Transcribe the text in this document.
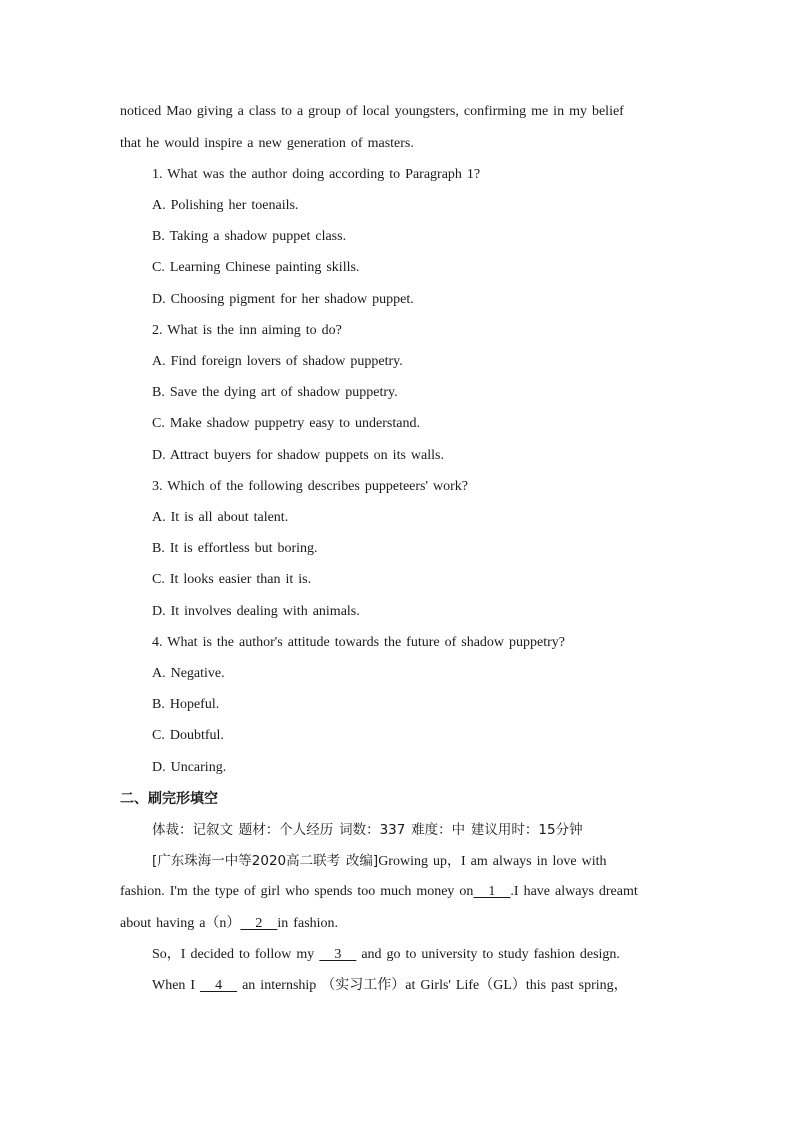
noticed Mao giving a class to a group of local youngsters, confirming me in my belief
that he would inspire a new generation of masters.
1. What was the author doing according to Paragraph 1?
A. Polishing her toenails.
B. Taking a shadow puppet class.
C. Learning Chinese painting skills.
D. Choosing pigment for her shadow puppet.
2. What is the inn aiming to do?
A. Find foreign lovers of shadow puppetry.
B. Save the dying art of shadow puppetry.
C. Make shadow puppetry easy to understand.
D. Attract buyers for shadow puppets on its walls.
3. Which of the following describes puppeteers' work?
A. It is all about talent.
B. It is effortless but boring.
C. It looks easier than it is.
D. It involves dealing with animals.
4. What is the author's attitude towards the future of shadow puppetry?
A. Negative.
B. Hopeful.
C. Doubtful.
D. Uncaring.
二、刷完形填空
体裁：记叙文 题材：个人经历 词数：337 难度：中 建议用时：15分钟
[广东珠海一中等2020高二联考 改编]Growing up，I am always in love with
fashion. I'm the type of girl who spends too much money on   1   .I have always dreamt
about having a（n）   2   in fashion.
So，I decided to follow my    3    and go to university to study fashion design.
When I    4    an internship （实习工作）at Girls' Life（GL）this past spring，
